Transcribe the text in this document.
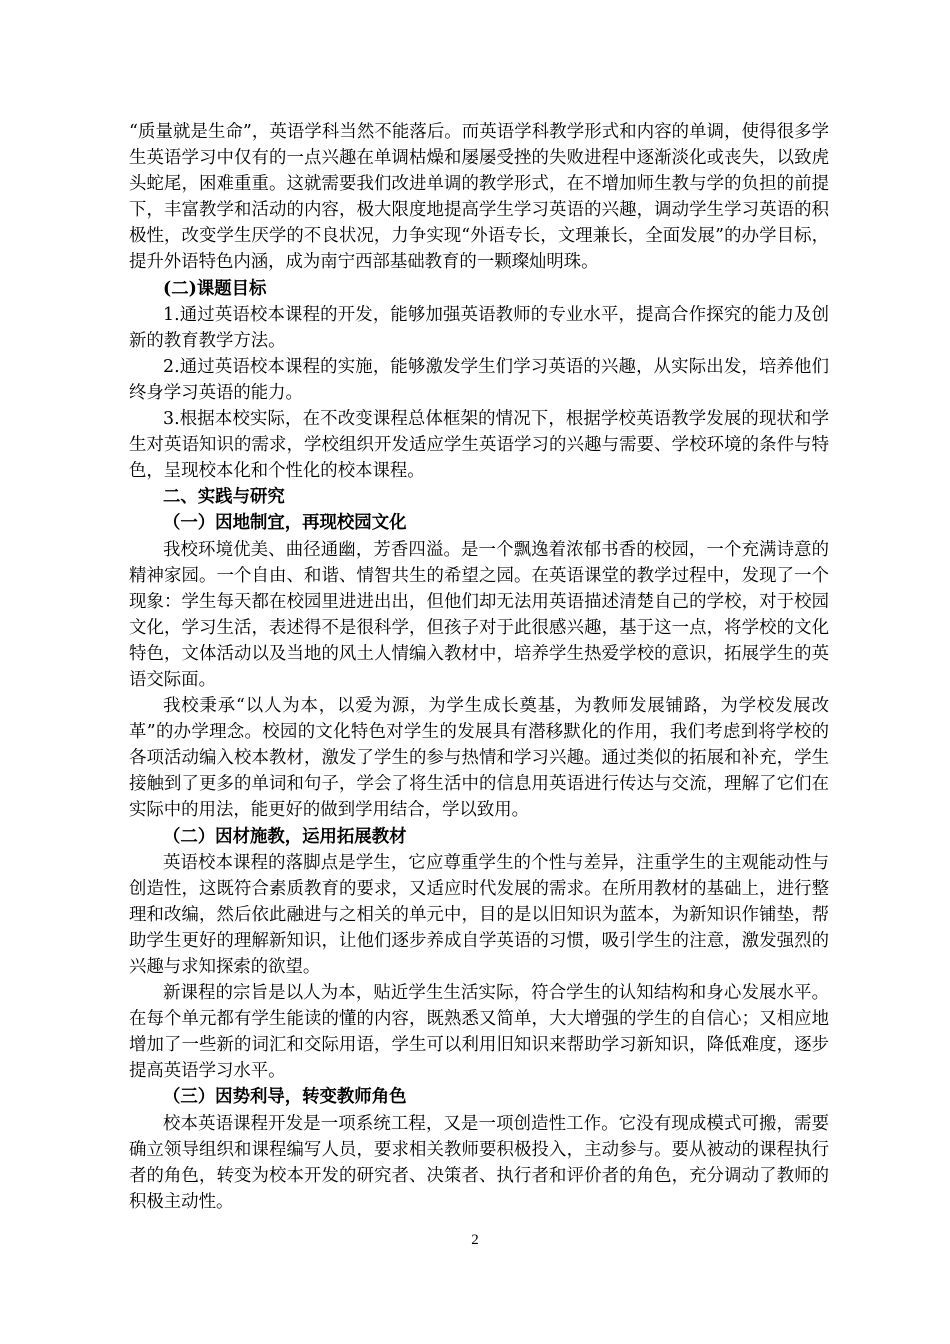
“质量就是生命”，英语学科当然不能落后。而英语学科教学形式和内容的单调，使得很多学生英语学习中仅有的一点兴趣在单调枯燥和屡屡受挫的失败进程中逐渐淡化或丧失，以致虎头蛇尾，困难重重。这就需要我们改进单调的教学形式，在不增加师生教与学的负担的前提下，丰富教学和活动的内容，极大限度地提高学生学习英语的兴趣，调动学生学习英语的积极性，改变学生厌学的不良状况，力争实现“外语专长，文理兼长，全面发展”的办学目标，提升外语特色内涵，成为南宁西部基础教育的一颗璨灿明珠。

(二)课题目标

1.通过英语校本课程的开发，能够加强英语教师的专业水平，提高合作探究的能力及创新的教育教学方法。

2.通过英语校本课程的实施，能够激发学生们学习英语的兴趣，从实际出发，培养他们终身学习英语的能力。

3.根据本校实际，在不改变课程总体框架的情况下，根据学校英语教学发展的现状和学生对英语知识的需求，学校组织开发适应学生英语学习的兴趣与需要、学校环境的条件与特色，呈现校本化和个性化的校本课程。

二、实践与研究

（一）因地制宜，再现校园文化

我校环境优美、曲径通幽，芳香四溢。是一个飘逸着浓郁书香的校园，一个充满诗意的精神家园。一个自由、和谐、情智共生的希望之园。在英语课堂的教学过程中，发现了一个现象：学生每天都在校园里进进出出，但他们却无法用英语描述清楚自己的学校，对于校园文化，学习生活，表述得不是很科学，但孩子对于此很感兴趣，基于这一点，将学校的文化特色，文体活动以及当地的风土人情编入教材中，培养学生热爱学校的意识，拓展学生的英语交际面。

我校秉承“以人为本，以爱为源，为学生成长奠基，为教师发展铺路，为学校发展改革”的办学理念。校园的文化特色对学生的发展具有潜移默化的作用，我们考虑到将学校的各项活动编入校本教材，激发了学生的参与热情和学习兴趣。通过类似的拓展和补充，学生接触到了更多的单词和句子，学会了将生活中的信息用英语进行传达与交流，理解了它们在实际中的用法，能更好的做到学用结合，学以致用。

（二）因材施教，运用拓展教材

英语校本课程的落脚点是学生，它应尊重学生的个性与差异，注重学生的主观能动性与创造性，这既符合素质教育的要求，又适应时代发展的需求。在所用教材的基础上，进行整理和改编，然后依此融进与之相关的单元中，目的是以旧知识为蓝本，为新知识作铺垫，帮助学生更好的理解新知识，让他们逐步养成自学英语的习惯，吸引学生的注意，激发强烈的兴趣与求知探索的欲望。

新课程的宗旨是以人为本，贴近学生生活实际，符合学生的认知结构和身心发展水平。在每个单元都有学生能读的懂的内容，既熟悉又简单，大大增强的学生的自信心；又相应地增加了一些新的词汇和交际用语，学生可以利用旧知识来帮助学习新知识，降低难度，逐步提高英语学习水平。

（三）因势利导，转变教师角色

校本英语课程开发是一项系统工程，又是一项创造性工作。它没有现成模式可搬，需要确立领导组织和课程编写人员，要求相关教师要积极投入，主动参与。要从被动的课程执行者的角色，转变为校本开发的研究者、决策者、执行者和评价者的角色，充分调动了教师的积极主动性。

2
